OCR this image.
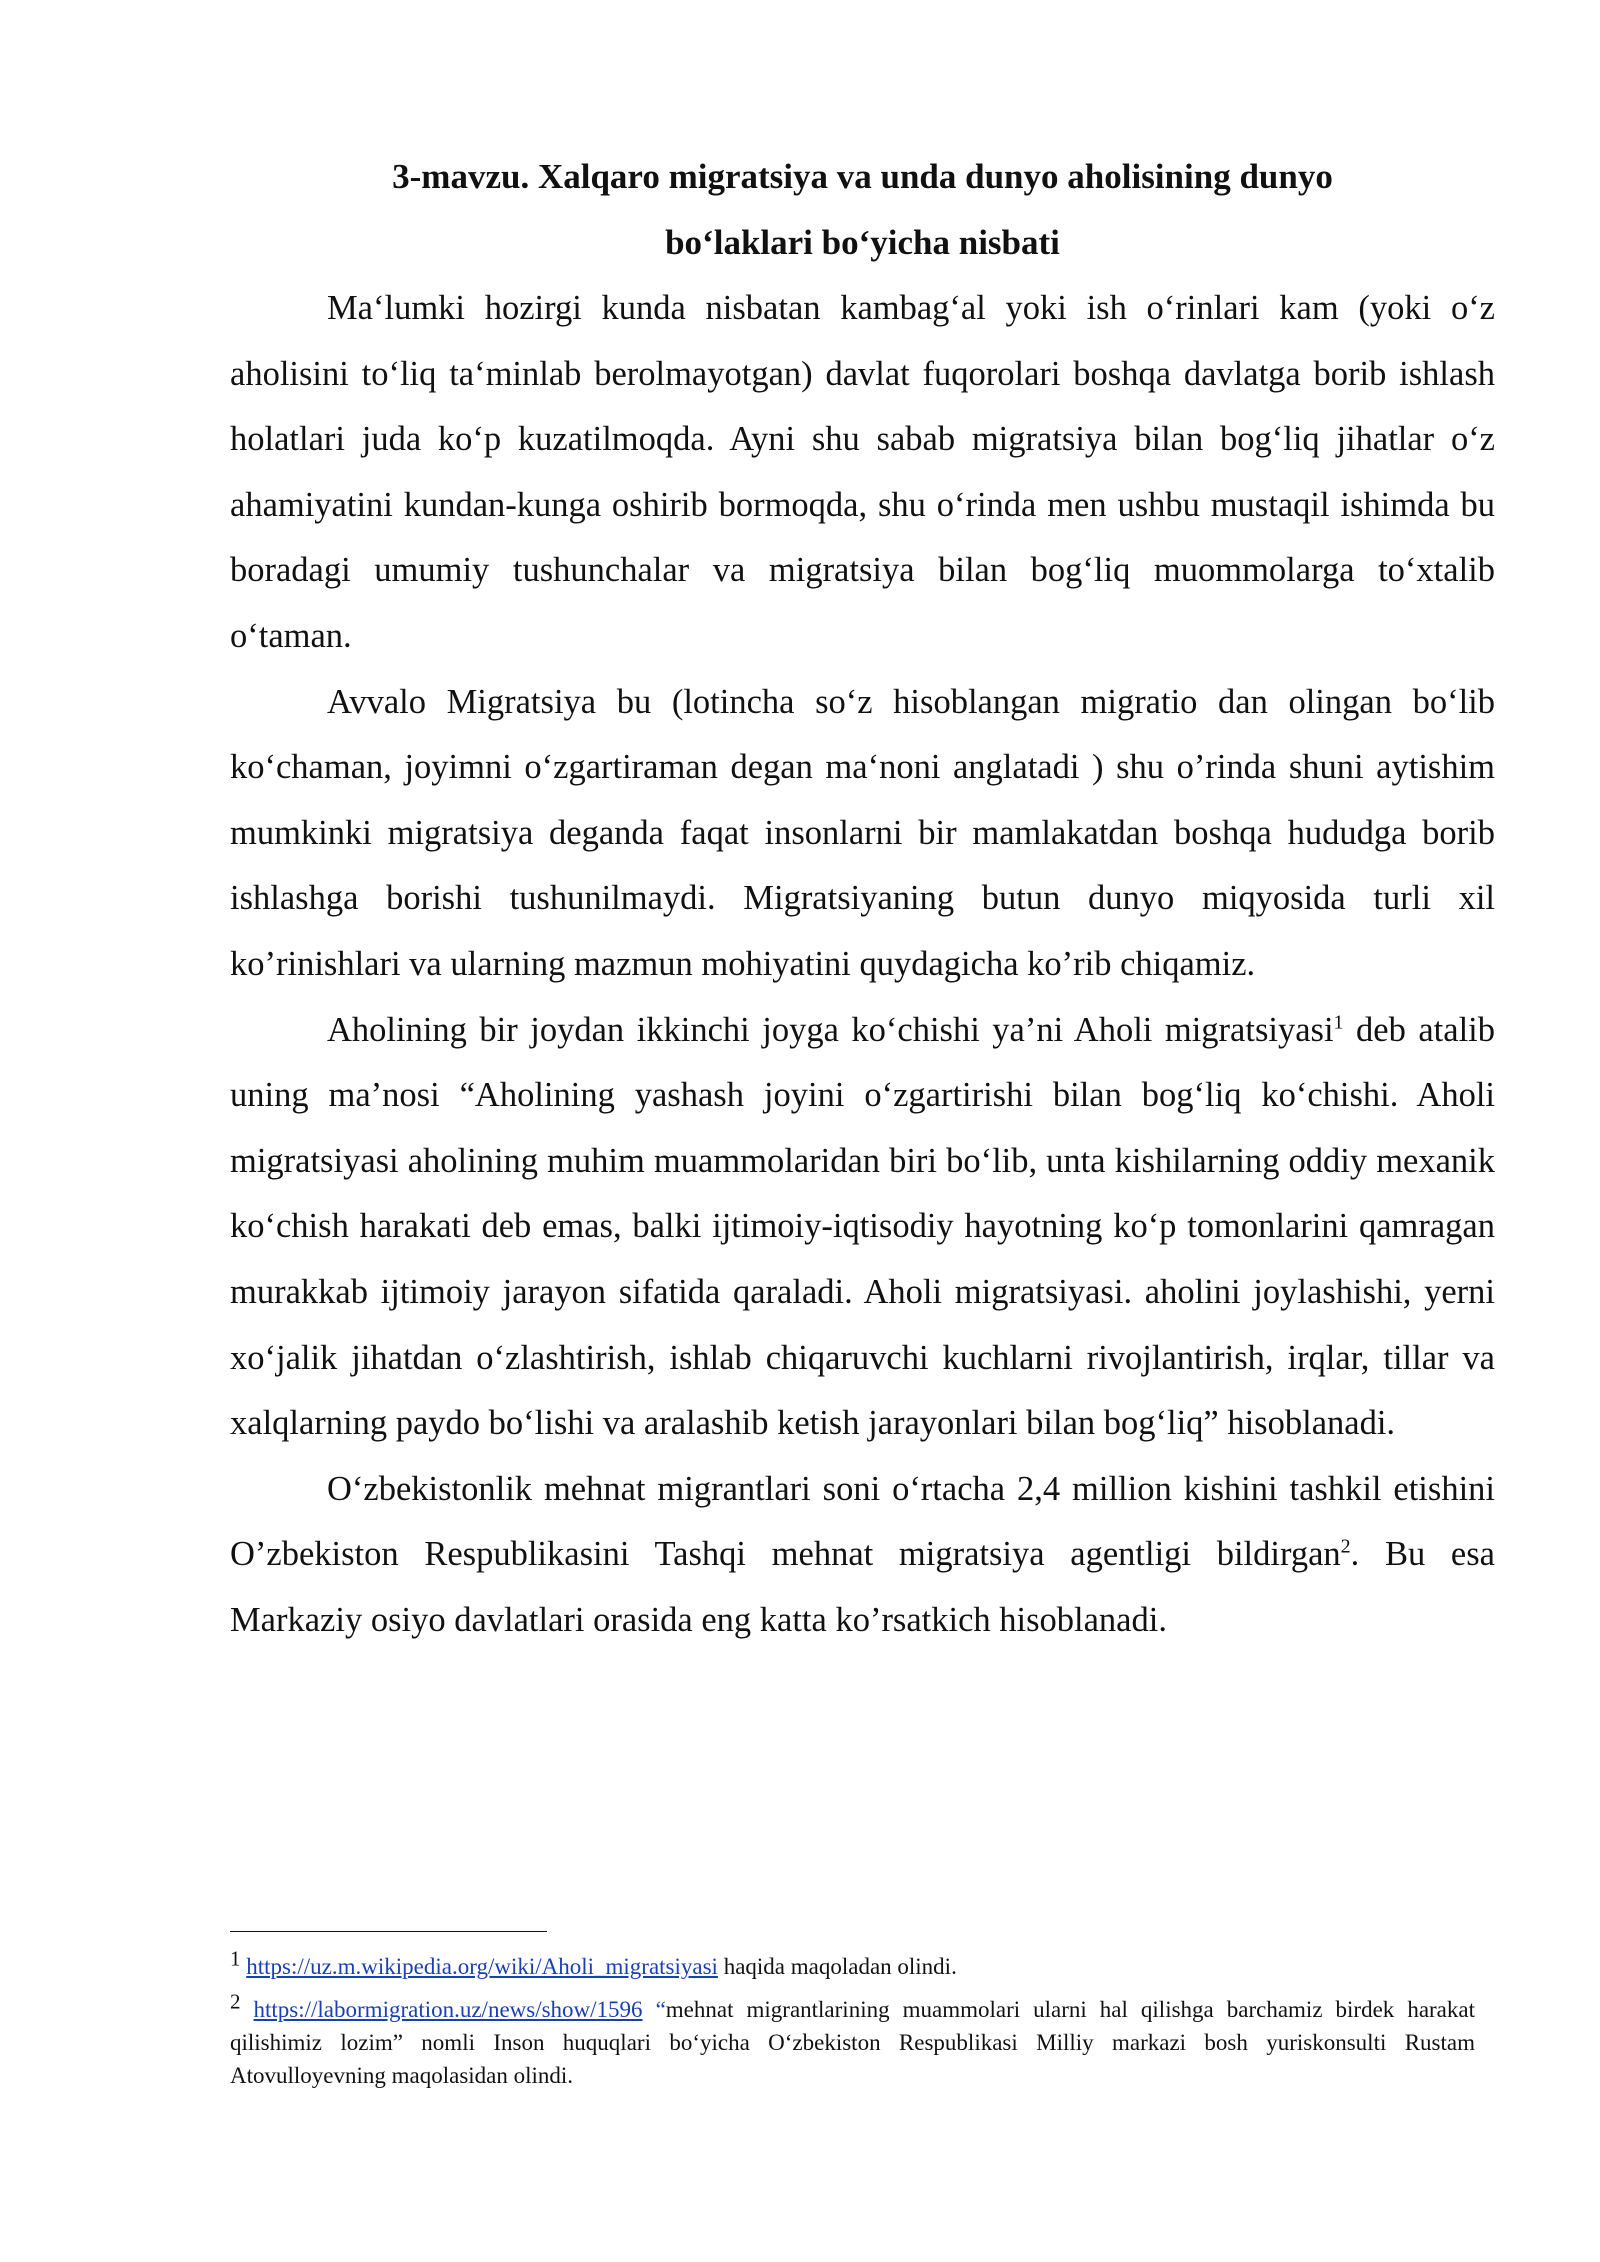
3-mavzu. Xalqaro migratsiya va unda dunyo aholisining dunyo
bo‘laklari bo‘yicha nisbati

Ma‘lumki hozirgi kunda nisbatan kambag‘al yoki ish o‘rinlari kam (yoki o‘z aholisini to‘liq ta‘minlab berolmayotgan) davlat fuqorolari boshqa davlatga borib ishlash holatlari juda ko‘p kuzatilmoqda. Ayni shu sabab migratsiya bilan bog‘liq jihatlar o‘z ahamiyatini kundan-kunga oshirib bormoqda, shu o‘rinda men ushbu mustaqil ishimda bu boradagi umumiy tushunchalar va migratsiya bilan bog‘liq muommolarga to‘xtalib o‘taman.

Avvalo Migratsiya bu (lotincha so‘z hisoblangan migratio dan olingan bo‘lib ko‘chaman, joyimni o‘zgartiraman degan ma‘noni anglatadi ) shu o’rinda shuni aytishim mumkinki migratsiya deganda faqat insonlarni bir mamlakatdan boshqa hududga borib ishlashga borishi tushunilmaydi. Migratsiyaning butun dunyo miqyosida turli xil ko’rinishlari va ularning mazmun mohiyatini quydagicha ko’rib chiqamiz.

Aholining bir joydan ikkinchi joyga ko‘chishi ya’ni Aholi migratsiyasi$^1$ deb atalib uning ma’nosi “Aholining yashash joyini o‘zgartirishi bilan bog‘liq ko‘chishi. Aholi migratsiyasi aholining muhim muammolaridan biri bo‘lib, unta kishilarning oddiy mexanik ko‘chish harakati deb emas, balki ijtimoiy-iqtisodiy hayotning ko‘p tomonlarini qamragan murakkab ijtimoiy jarayon sifatida qaraladi. Aholi migratsiyasi. aholini joylashishi, yerni xo‘jalik jihatdan o‘zlashtirish, ishlab chiqaruvchi kuchlarni rivojlantirish, irqlar, tillar va xalqlarning paydo bo‘lishi va aralashib ketish jarayonlari bilan bog‘liq” hisoblanadi.

O‘zbekistonlik mehnat migrantlari soni o‘rtacha 2,4 million kishini tashkil etishini O’zbekiston Respublikasini Tashqi mehnat migratsiya agentligi bildirgan$^2$. Bu esa Markaziy osiyo davlatlari orasida eng katta ko’rsatkich hisoblanadi.

1 https://uz.m.wikipedia.org/wiki/Aholi_migratsiyasi haqida maqoladan olindi.
2 https://labormigration.uz/news/show/1596 “mehnat migrantlarining muammolari ularni hal qilishga barchamiz birdek harakat qilishimiz lozim” nomli Inson huquqlari bo‘yicha O‘zbekiston Respublikasi Milliy markazi bosh yuriskonsulti Rustam Atovulloyevning maqolasidan olindi.
